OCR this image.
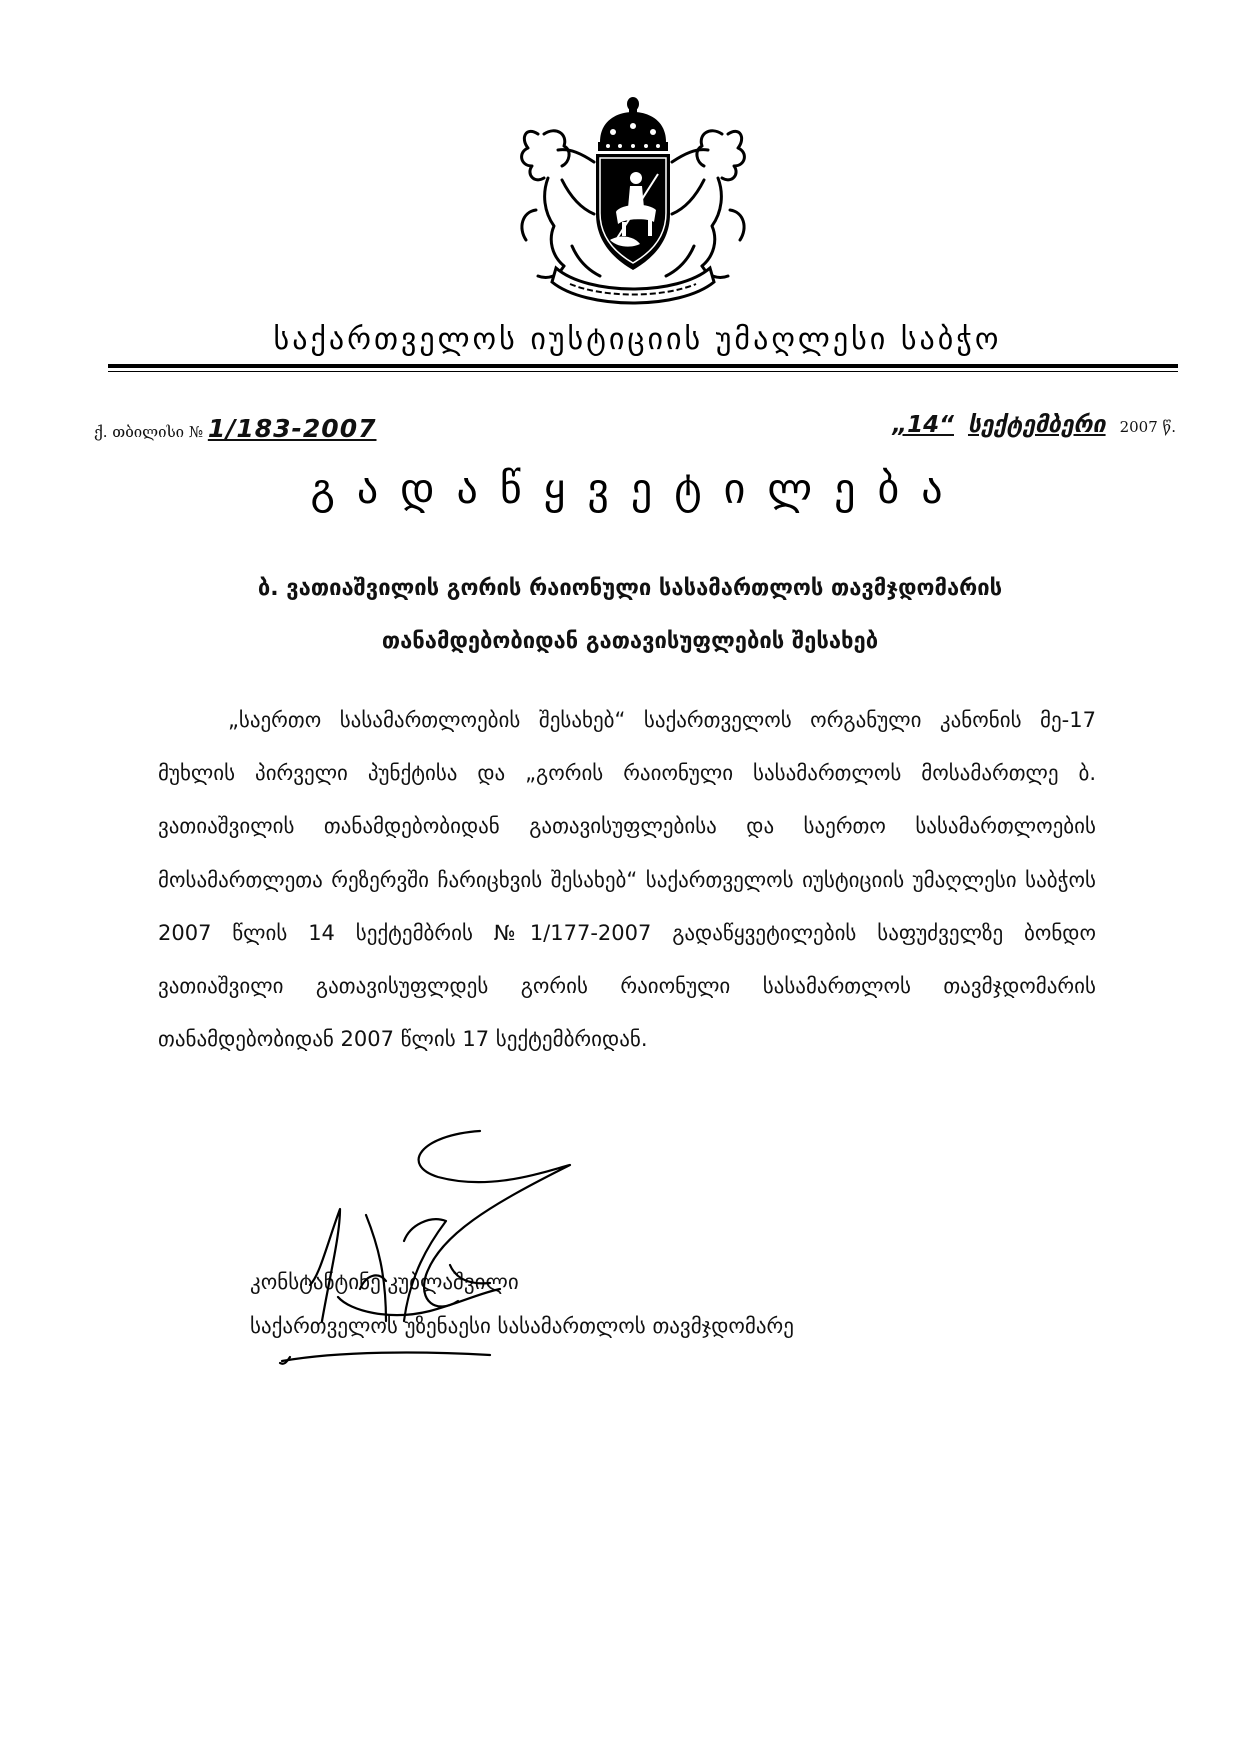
საქართველოს იუსტიციის უმაღლესი საბჭო
ქ. თბილისი № 1/183-2007	„14“ სექტემბერი 2007 წ.
გადაწყვეტილება
ბ. ვათიაშვილის გორის რაიონული სასამართლოს თავმჯდომარის
თანამდებობიდან გათავისუფლების შესახებ

„საერთო სასამართლოების შესახებ“ საქართველოს ორგანული კანონის მე-17 მუხლის პირველი პუნქტისა და „გორის რაიონული სასამართლოს მოსამართლე ბ. ვათიაშვილის თანამდებობიდან გათავისუფლებისა და საერთო სასამართლოების მოსამართლეთა რეზერვში ჩარიცხვის შესახებ“ საქართველოს იუსტიციის უმაღლესი საბჭოს 2007 წლის 14 სექტემბრის №1/177-2007 გადაწყვეტილების საფუძველზე ბონდო ვათიაშვილი გათავისუფლდეს გორის რაიონული სასამართლოს თავმჯდომარის თანამდებობიდან 2007 წლის 17 სექტემბრიდან.

კონსტანტინე კუბლაშვილი
საქართველოს უზენაესი სასამართლოს თავმჯდომარე
